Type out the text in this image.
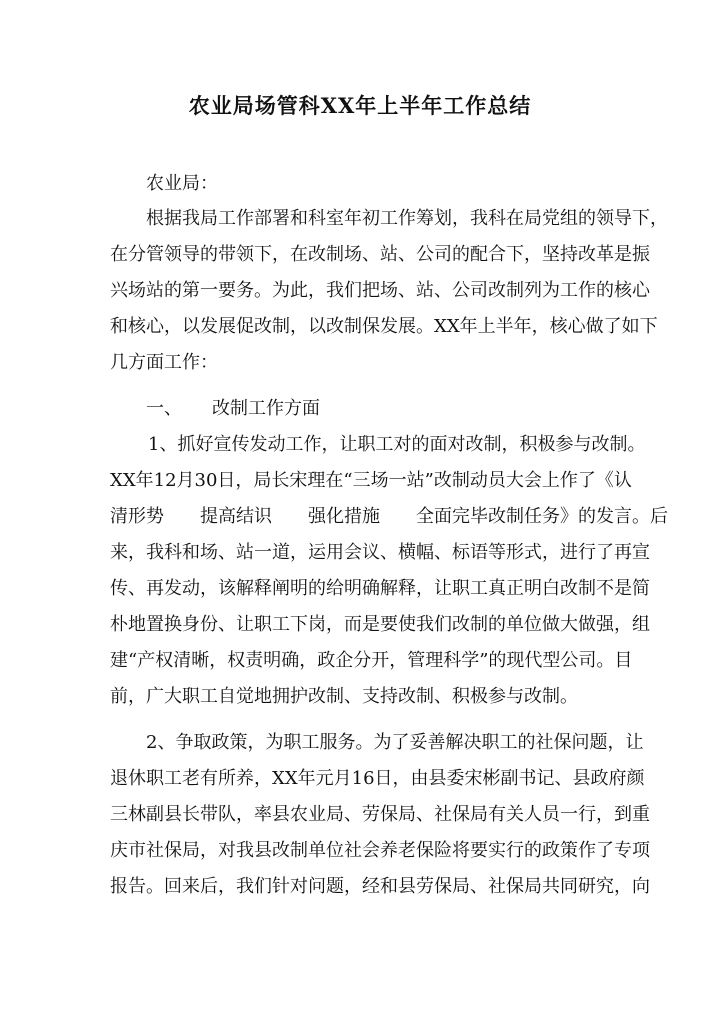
农业局场管科XX年上半年工作总结
农业局：
根据我局工作部署和科室年初工作筹划，我科在局党组的领导下，
在分管领导的带领下，在改制场、站、公司的配合下，坚持改革是振
兴场站的第一要务。为此，我们把场、站、公司改制列为工作的核心
和核心，以发展促改制，以改制保发展。XX年上半年，核心做了如下
几方面工作：
一、	改制工作方面
1、抓好宣传发动工作，让职工对的面对改制，积极参与改制。
XX年12月30日，局长宋理在“三场一站”改制动员大会上作了《认
清形势　　提高结识　　强化措施　　全面完毕改制任务》的发言。后
来，我科和场、站一道，运用会议、横幅、标语等形式，进行了再宣
传、再发动，该解释阐明的给明确解释，让职工真正明白改制不是简
朴地置换身份、让职工下岗，而是要使我们改制的单位做大做强，组
建“产权清晰，权责明确，政企分开，管理科学”的现代型公司。目
前，广大职工自觉地拥护改制、支持改制、积极参与改制。
2、争取政策，为职工服务。为了妥善解决职工的社保问题，让
退休职工老有所养，XX年元月16日，由县委宋彬副书记、县政府颜
三林副县长带队，率县农业局、劳保局、社保局有关人员一行，到重
庆市社保局，对我县改制单位社会养老保险将要实行的政策作了专项
报告。回来后，我们针对问题，经和县劳保局、社保局共同研究，向
